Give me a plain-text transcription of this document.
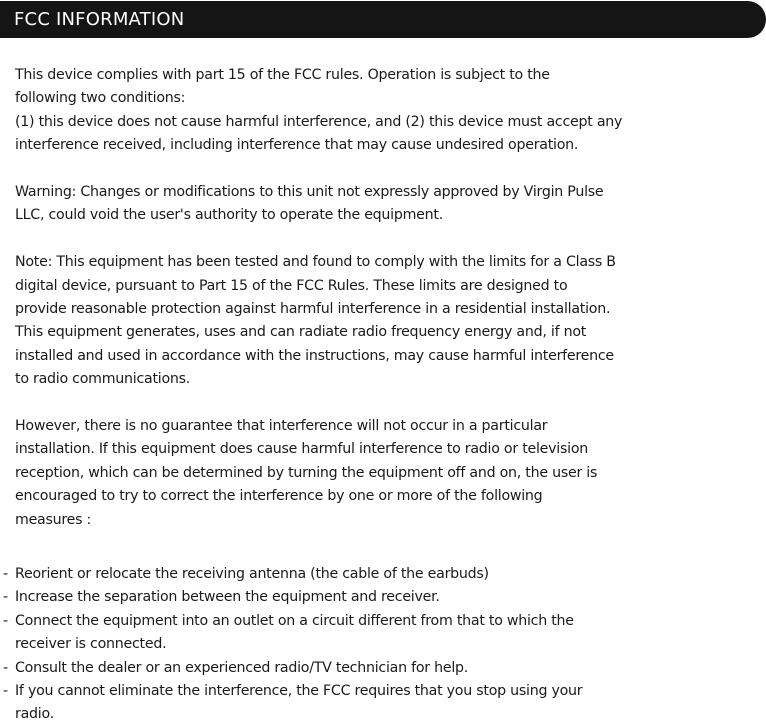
FCC INFORMATION

This device complies with part 15 of the FCC rules. Operation is subject to the
following two conditions:
(1) this device does not cause harmful interference, and (2) this device must accept any
interference received, including interference that may cause undesired operation.

Warning: Changes or modifications to this unit not expressly approved by Virgin Pulse
LLC, could void the user's authority to operate the equipment.

Note: This equipment has been tested and found to comply with the limits for a Class B
digital device, pursuant to Part 15 of the FCC Rules. These limits are designed to
provide reasonable protection against harmful interference in a residential installation.
This equipment generates, uses and can radiate radio frequency energy and, if not
installed and used in accordance with the instructions, may cause harmful interference
to radio communications.

However, there is no guarantee that interference will not occur in a particular
installation. If this equipment does cause harmful interference to radio or television
reception, which can be determined by turning the equipment off and on, the user is
encouraged to try to correct the interference by one or more of the following
measures :

- Reorient or relocate the receiving antenna (the cable of the earbuds)
- Increase the separation between the equipment and receiver.
- Connect the equipment into an outlet on a circuit different from that to which the
receiver is connected.
- Consult the dealer or an experienced radio/TV technician for help.
- If you cannot eliminate the interference, the FCC requires that you stop using your
radio.
